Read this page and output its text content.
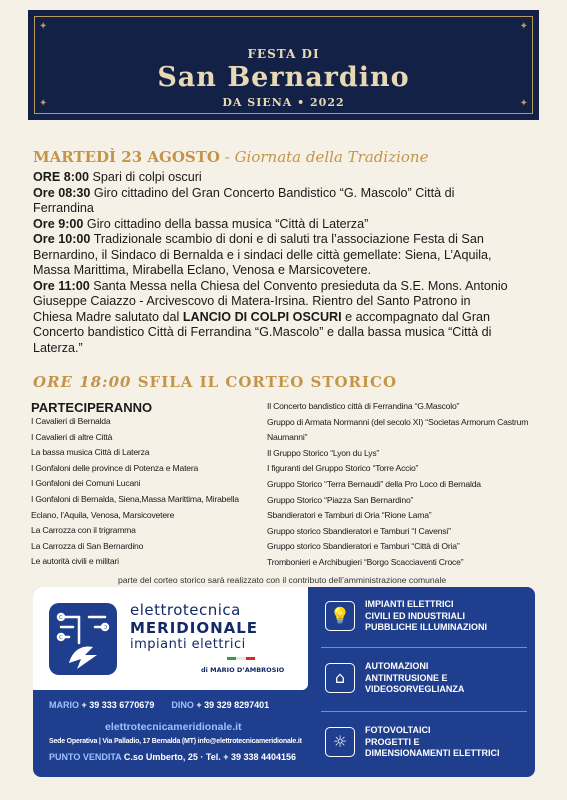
✦	✦
✦	✦
FESTA DI
San Bernardino
DA SIENA • 2022
MARTEDÌ 23 AGOSTO - Giornata della Tradizione

ORE 8:00 Spari di colpi oscuri

Ore 08:30 Giro cittadino del Gran Concerto Bandistico “G. Mascolo” Città di Ferrandina

Ore 9:00 Giro cittadino della bassa musica “Città di Laterza”

Ore 10:00 Tradizionale scambio di doni e di saluti tra l’associazione Festa di San Bernardino, il Sindaco di Bernalda e i sindaci delle città gemellate: Siena, L’Aquila, Massa Marittima, Mirabella Eclano, Venosa e Marsicovetere.

Ore 11:00 Santa Messa nella Chiesa del Convento presieduta da S.E. Mons. Antonio Giuseppe Caiazzo - Arcivescovo di Matera-Irsina. Rientro del Santo Patrono in Chiesa Madre salutato dal LANCIO DI COLPI OSCURI e accompagnato dal Gran Concerto bandistico Città di Ferrandina “G.Mascolo” e dalla bassa musica “Città di Laterza.”

ORE 18:00 SFILA IL CORTEO STORICO
PARTECIPERANNO
I Cavalieri di Bernalda
I Cavalieri di altre Città
La bassa musica Città di Laterza
I Gonfaloni delle province di Potenza e Matera
I Gonfaloni dei Comuni Lucani
I Gonfaloni di Bernalda, Siena,Massa Marittima, Mirabella
Eclano, l’Aquila, Venosa, Marsicovetere
La Carrozza con il trigramma
La Carrozza di San Bernardino
Le autorità civili e militari
Il Concerto bandistico città di Ferrandina “G.Mascolo”
Gruppo di Armata Normanni (del secolo XI) “Societas Armorum Castrum
Naumanni”
Il Gruppo Storico “Lyon du Lys”
I figuranti del Gruppo Storico “Torre Accio”
Gruppo Storico “Terra Bernaudi” della Pro Loco di Bernalda
Gruppo Storico “Piazza San Bernardino”
Sbandieratori e Tamburi di Oria “Rione Lama”
Gruppo storico Sbandieratori e Tamburi “I Cavensi”
Gruppo storico Sbandieratori e Tamburi “Città di Oria”
Trombonieri e Archibugieri “Borgo Scacciaventi Croce”
parte del corteo storico sarà realizzato con il contributo dell’amministrazione comunale
elettrotecnica
MERIDIONALE
impianti elettrici
di MARIO D’AMBROSIO
MARIO + 39 333 6770679 DINO + 39 329 8297401
elettrotecnicameridionale.it
Sede Operativa | Via Palladio, 17 Bernalda (MT) info@elettrotecnicameridionale.it
PUNTO VENDITA C.so Umberto, 25 · Tel. + 39 338 4404156
💡
IMPIANTI ELETTRICI
CIVILI ED INDUSTRIALI
PUBBLICHE ILLUMINAZIONI
⌂
AUTOMAZIONI
ANTINTRUSIONE E
VIDEOSORVEGLIANZA
☼
FOTOVOLTAICI
PROGETTI E
DIMENSIONAMENTI ELETTRICI
